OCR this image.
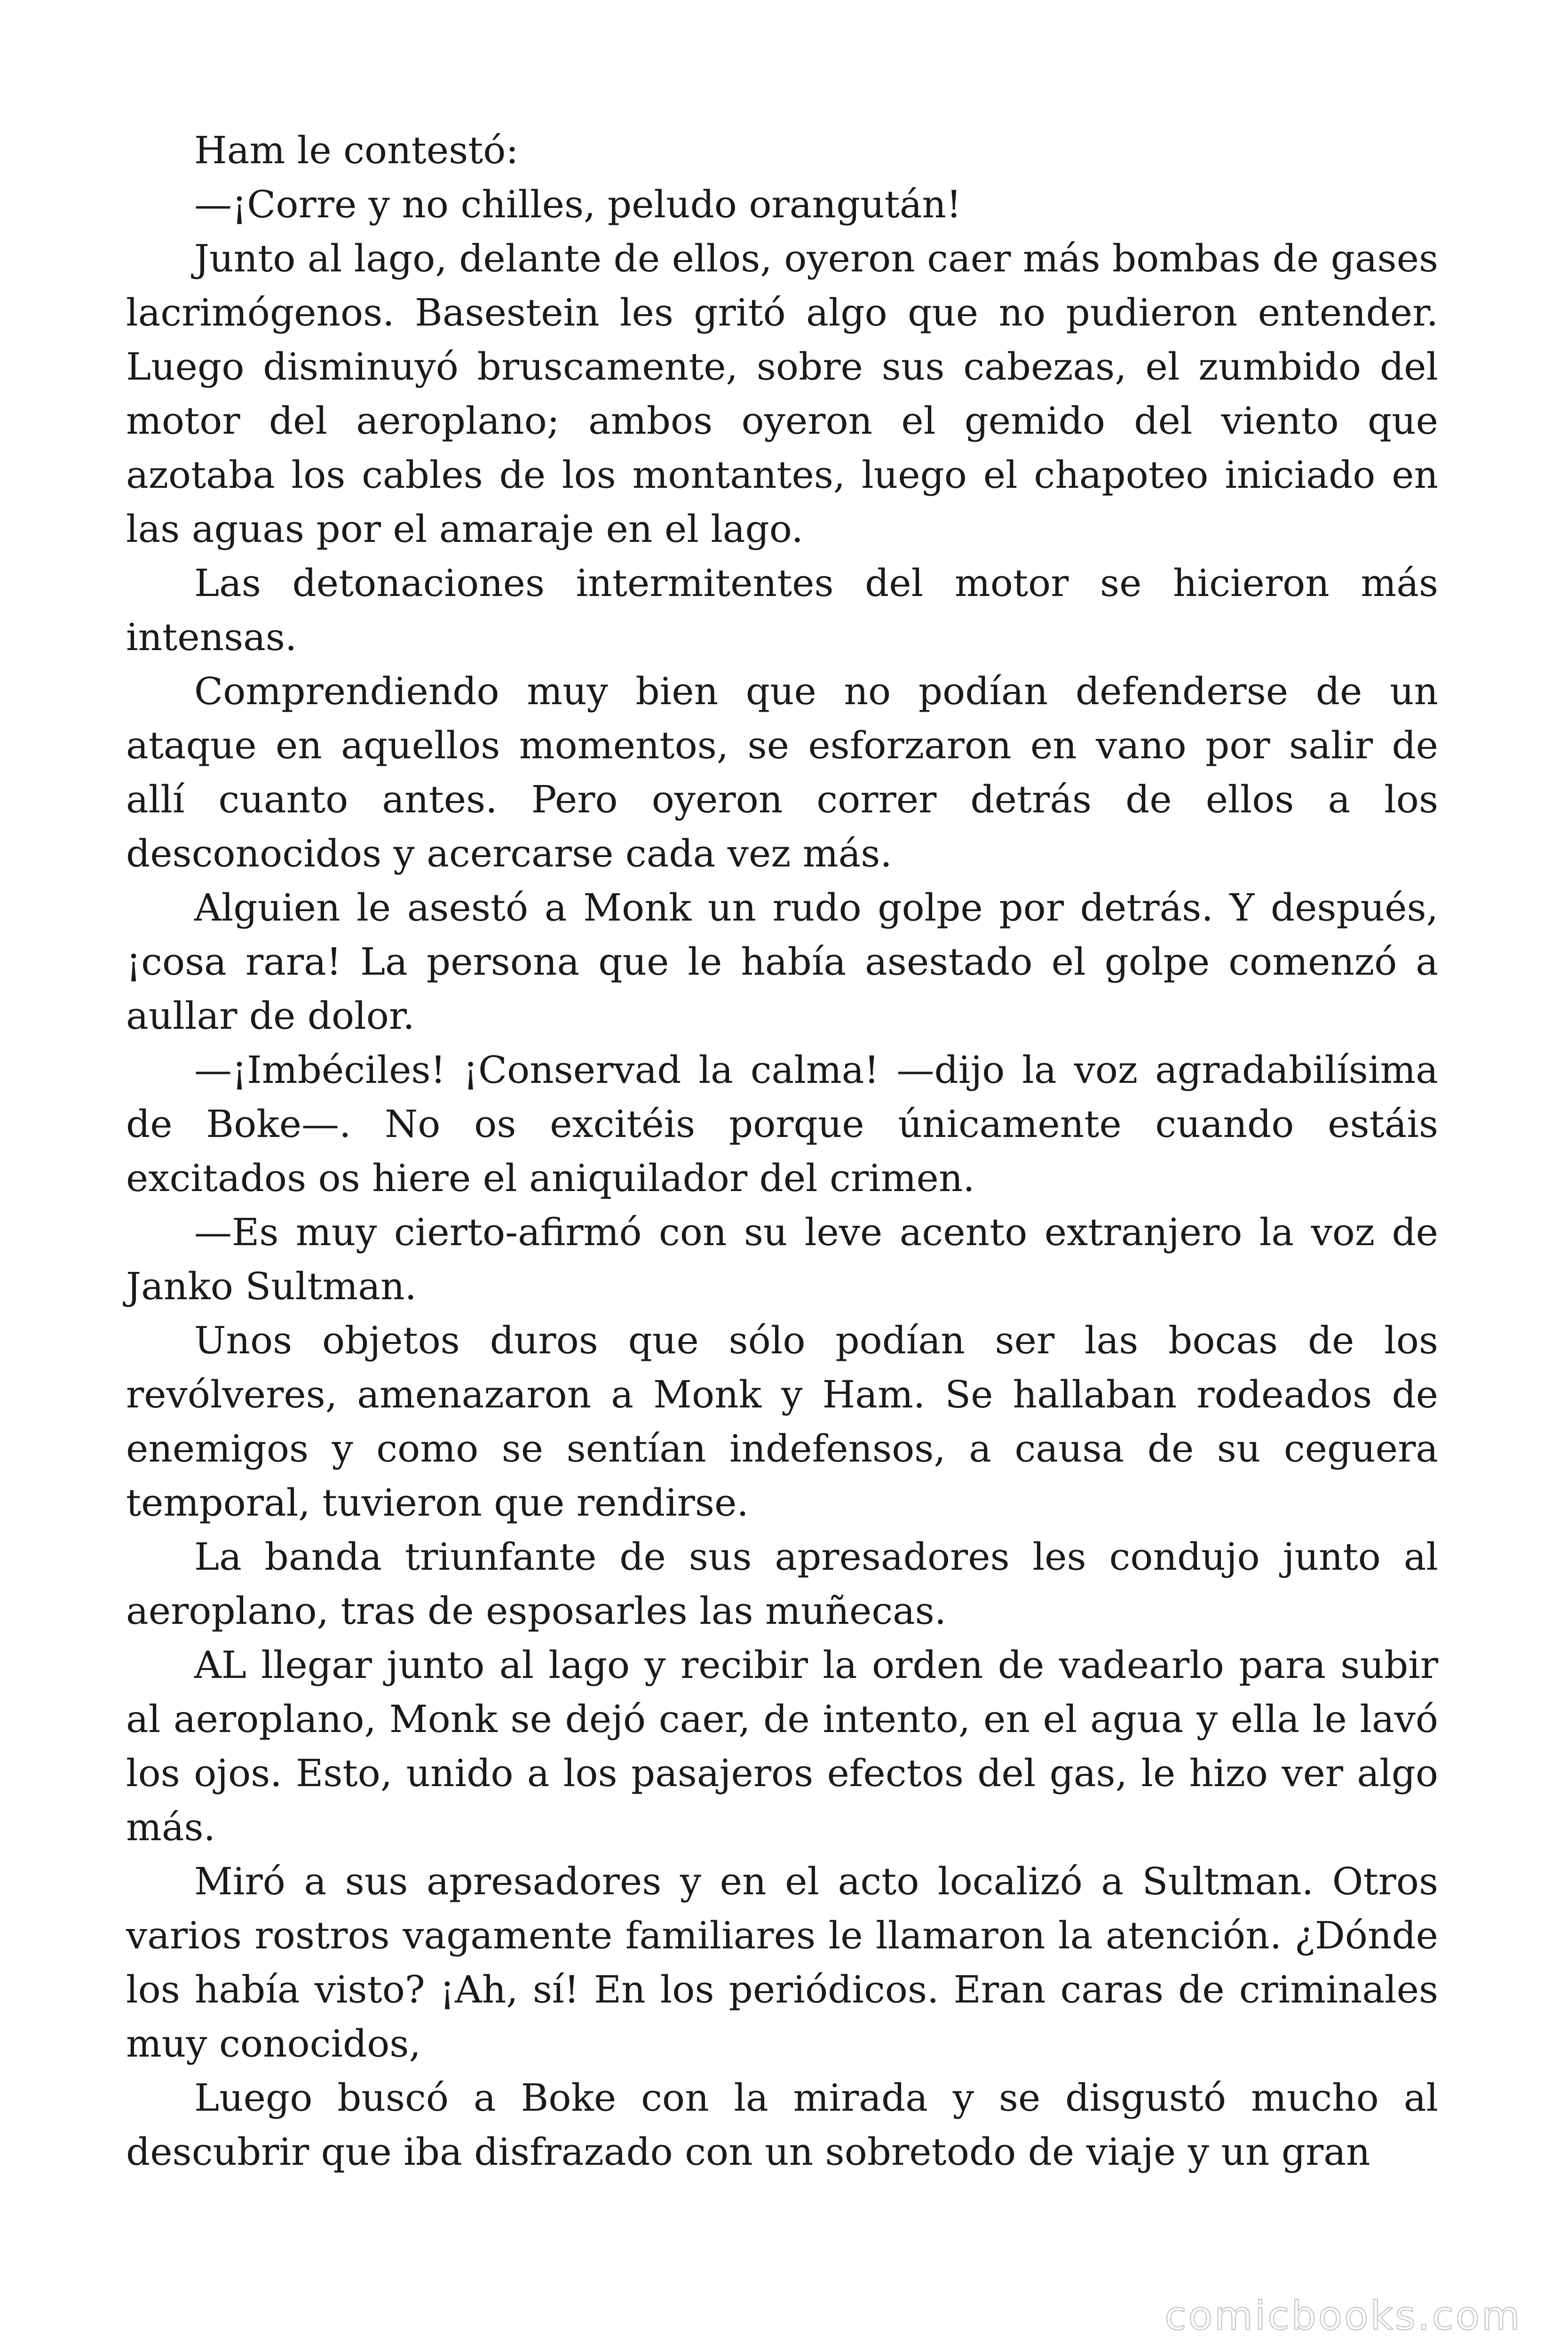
Ham le contestó:

—¡Corre y no chilles, peludo orangután!

Junto al lago, delante de ellos, oyeron caer más bombas de gases lacrimógenos. Basestein les gritó algo que no pudieron entender. Luego disminuyó bruscamente, sobre sus cabezas, el zumbido del motor del aeroplano; ambos oyeron el gemido del viento que azotaba los cables de los montantes, luego el chapoteo iniciado en las aguas por el amaraje en el lago.

Las detonaciones intermitentes del motor se hicieron más intensas.

Comprendiendo muy bien que no podían defenderse de un ataque en aquellos momentos, se esforzaron en vano por salir de allí cuanto antes. Pero oyeron correr detrás de ellos a los desconocidos y acercarse cada vez más.

Alguien le asestó a Monk un rudo golpe por detrás. Y después, ¡cosa rara! La persona que le había asestado el golpe comenzó a aullar de dolor.

—¡Imbéciles! ¡Conservad la calma! —dijo la voz agradabilísima de Boke—. No os excitéis porque únicamente cuando estáis excitados os hiere el aniquilador del crimen.

—Es muy cierto-afirmó con su leve acento extranjero la voz de Janko Sultman.

Unos objetos duros que sólo podían ser las bocas de los revólveres, amenazaron a Monk y Ham. Se hallaban rodeados de enemigos y como se sentían indefensos, a causa de su ceguera temporal, tuvieron que rendirse.

La banda triunfante de sus apresadores les condujo junto al aeroplano, tras de esposarles las muñecas.

AL llegar junto al lago y recibir la orden de vadearlo para subir al aeroplano, Monk se dejó caer, de intento, en el agua y ella le lavó los ojos. Esto, unido a los pasajeros efectos del gas, le hizo ver algo más.

Miró a sus apresadores y en el acto localizó a Sultman. Otros varios rostros vagamente familiares le llamaron la atención. ¿Dónde los había visto? ¡Ah, sí! En los periódicos. Eran caras de criminales muy conocidos,

Luego buscó a Boke con la mirada y se disgustó mucho al descubrir que iba disfrazado con un sobretodo de viaje y un gran

comicbooks.com
